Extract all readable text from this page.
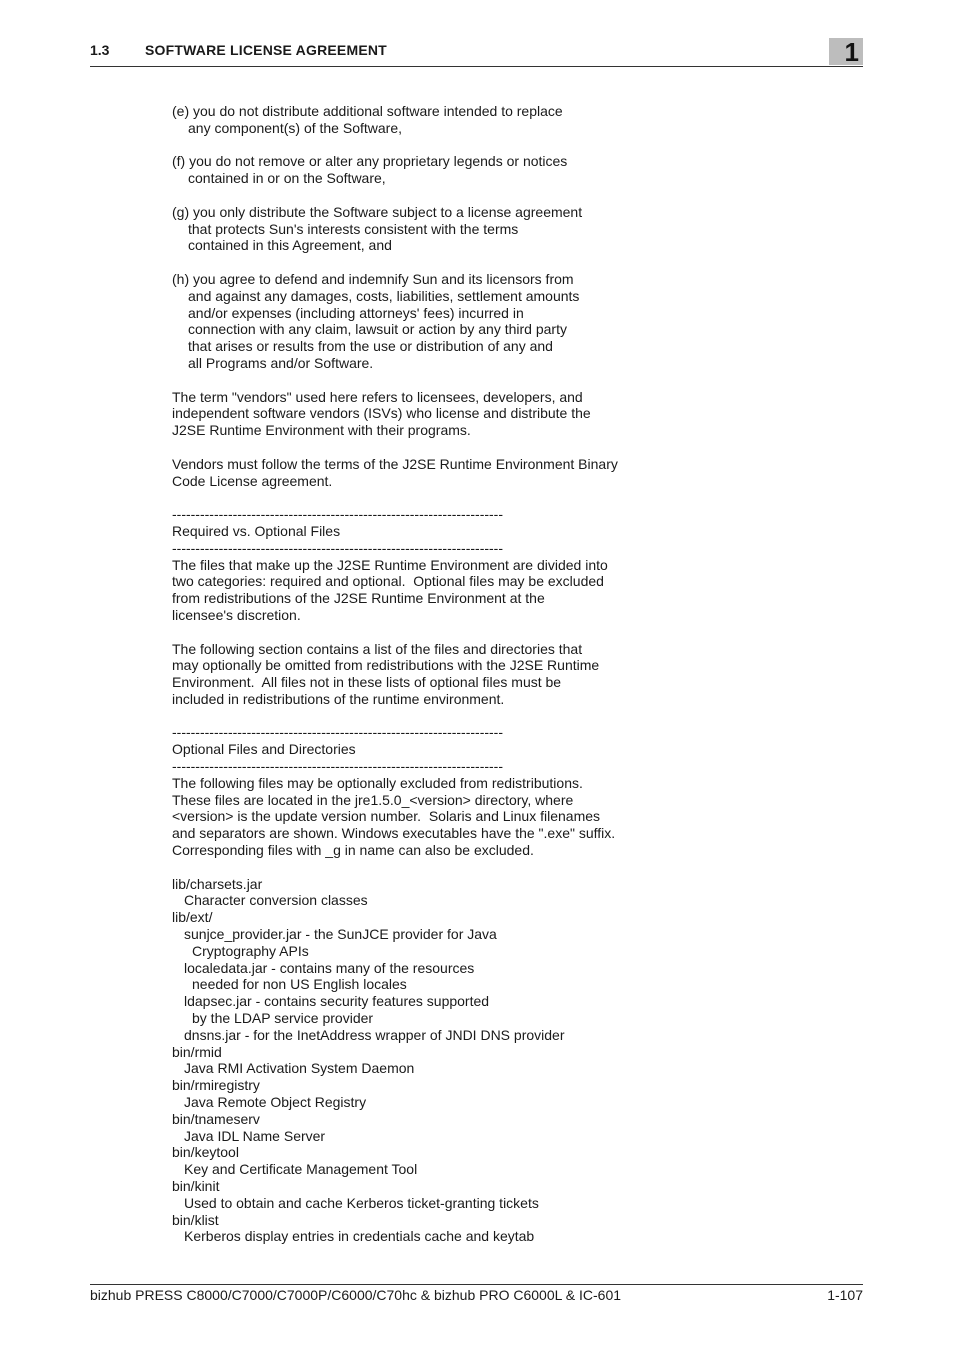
1.3	SOFTWARE LICENSE AGREEMENT	1

(e) you do not distribute additional software intended to replace

any component(s) of the Software,

(f) you do not remove or alter any proprietary legends or notices

contained in or on the Software,

(g) you only distribute the Software subject to a license agreement

that protects Sun's interests consistent with the terms

contained in this Agreement, and

(h) you agree to defend and indemnify Sun and its licensors from

and against any damages, costs, liabilities, settlement amounts

and/or expenses (including attorneys' fees) incurred in

connection with any claim, lawsuit or action by any third party

that arises or results from the use or distribution of any and

all Programs and/or Software.

The term "vendors" used here refers to licensees, developers, and

independent software vendors (ISVs) who license and distribute the

J2SE Runtime Environment with their programs.

Vendors must follow the terms of the J2SE Runtime Environment Binary

Code License agreement.

-----------------------------------------------------------------------

Required vs. Optional Files

-----------------------------------------------------------------------

The files that make up the J2SE Runtime Environment are divided into

two categories: required and optional.  Optional files may be excluded

from redistributions of the J2SE Runtime Environment at the

licensee's discretion.

The following section contains a list of the files and directories that

may optionally be omitted from redistributions with the J2SE Runtime

Environment.  All files not in these lists of optional files must be

included in redistributions of the runtime environment.

-----------------------------------------------------------------------

Optional Files and Directories

-----------------------------------------------------------------------

The following files may be optionally excluded from redistributions.

These files are located in the jre1.5.0_<version> directory, where

<version> is the update version number.  Solaris and Linux filenames

and separators are shown. Windows executables have the ".exe" suffix.

Corresponding files with _g in name can also be excluded.

lib/charsets.jar

Character conversion classes

lib/ext/

sunjce_provider.jar - the SunJCE provider for Java

Cryptography APIs

localedata.jar - contains many of the resources

needed for non US English locales

ldapsec.jar - contains security features supported

by the LDAP service provider

dnsns.jar - for the InetAddress wrapper of JNDI DNS provider

bin/rmid

Java RMI Activation System Daemon

bin/rmiregistry

Java Remote Object Registry

bin/tnameserv

Java IDL Name Server

bin/keytool

Key and Certificate Management Tool

bin/kinit

Used to obtain and cache Kerberos ticket-granting tickets

bin/klist

Kerberos display entries in credentials cache and keytab

bizhub PRESS C8000/C7000/C7000P/C6000/C70hc & bizhub PRO C6000L & IC-601	1-107
